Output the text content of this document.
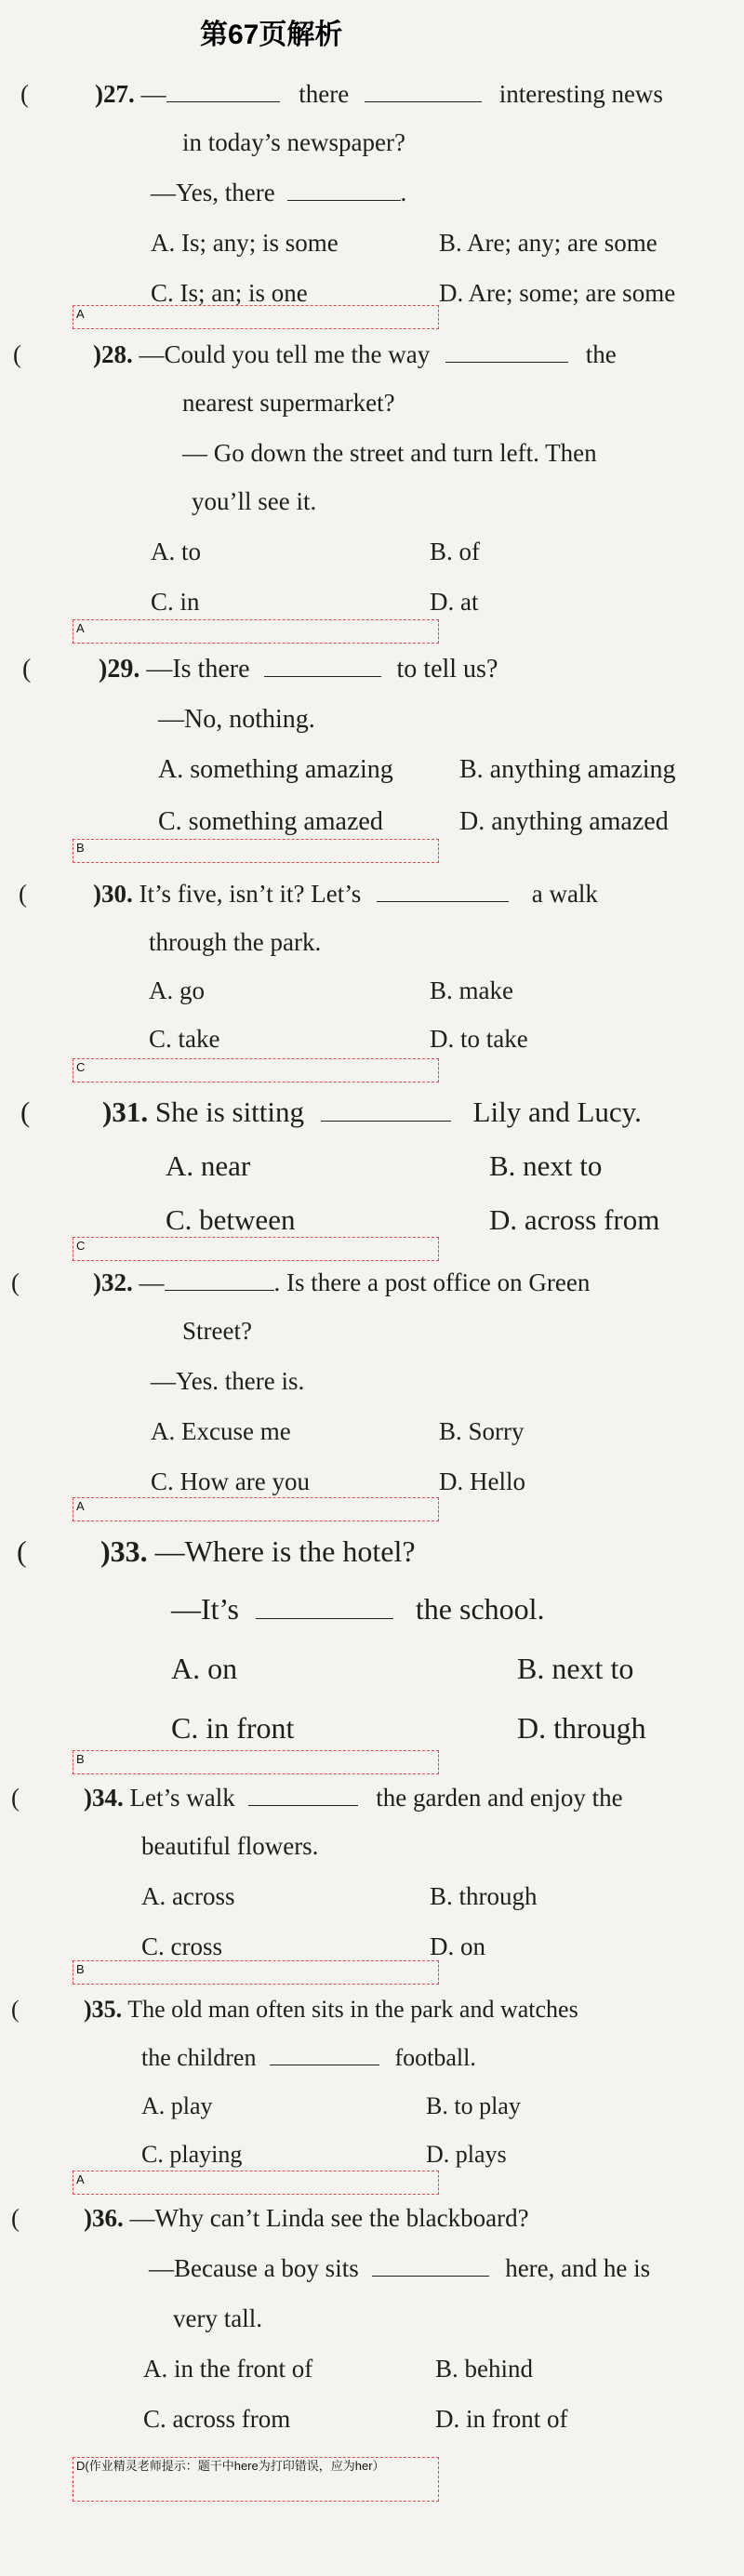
第67页解析
(	)27. —	there	interesting news
in today’s newspaper?
—Yes, there	.
A. Is; any; is some	B. Are; any; are some
C. Is; an; is one	D. Are; some; are some
A
(	)28. —Could you tell me the way	the
nearest supermarket?
— Go down the street and turn left. Then
you’ll see it.
A. to	B. of
C. in	D. at
A
(	)29. —Is there	to tell us?
—No, nothing.
A. something amazing	B. anything amazing
C. something amazed	D. anything amazed
B
(	)30. It’s five, isn’t it? Let’s	a walk
through the park.
A. go	B. make
C. take	D. to take
C
(	)31. She is sitting	Lily and Lucy.
A. near	B. next to
C. between	D. across from
C
(	)32. —	. Is there a post office on Green
Street?
—Yes. there is.
A. Excuse me	B. Sorry
C. How are you	D. Hello
A
( )33. —Where is the hotel?
—It’s	the school.
A. on	B. next to
C. in front	D. through
B
(	)34. Let’s walk	the garden and enjoy the
beautiful flowers.
A. across	B. through
C. cross	D. on
B
(	)35. The old man often sits in the park and watches
the children	football.
A. play	B. to play
C. playing	D. plays
A
(	)36. —Why can’t Linda see the blackboard?
—Because a boy sits	here, and he is
very tall.
A. in the front of	B. behind
C. across from	D. in front of
D(作业精灵老师提示：题干中here为打印错误，应为her）
